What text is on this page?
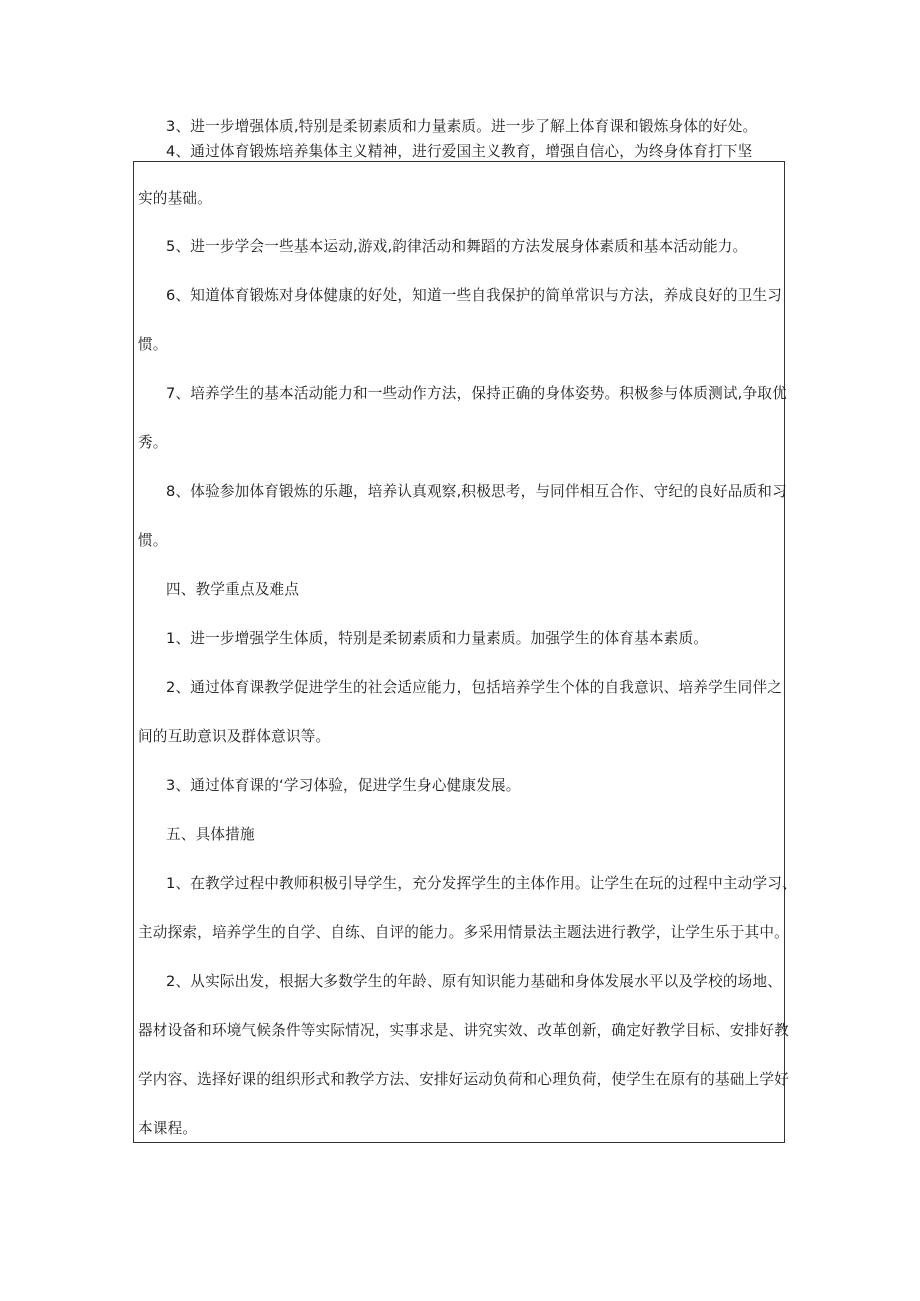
3、进一步增强体质,特别是柔韧素质和力量素质。进一步了解上体育课和锻炼身体的好处。
4、通过体育锻炼培养集体主义精神，进行爱国主义教育，增强自信心，为终身体育打下坚
实的基础。
5、进一步学会一些基本运动,游戏,韵律活动和舞蹈的方法发展身体素质和基本活动能力。
6、知道体育锻炼对身体健康的好处，知道一些自我保护的简单常识与方法，养成良好的卫生习
惯。
7、培养学生的基本活动能力和一些动作方法，保持正确的身体姿势。积极参与体质测试,争取优
秀。
8、体验参加体育锻炼的乐趣，培养认真观察,积极思考，与同伴相互合作、守纪的良好品质和习
惯。
四、教学重点及难点
1、进一步增强学生体质，特别是柔韧素质和力量素质。加强学生的体育基本素质。
2、通过体育课教学促进学生的社会适应能力，包括培养学生个体的自我意识、培养学生同伴之
间的互助意识及群体意识等。
3、通过体育课的‘学习体验，促进学生身心健康发展。
五、具体措施
1、在教学过程中教师积极引导学生，充分发挥学生的主体作用。让学生在玩的过程中主动学习、
主动探索，培养学生的自学、自练、自评的能力。多采用情景法主题法进行教学，让学生乐于其中。
2、从实际出发，根据大多数学生的年龄、原有知识能力基础和身体发展水平以及学校的场地、
器材设备和环境气候条件等实际情况，实事求是、讲究实效、改革创新，确定好教学目标、安排好教
学内容、选择好课的组织形式和教学方法、安排好运动负荷和心理负荷，使学生在原有的基础上学好
本课程。
